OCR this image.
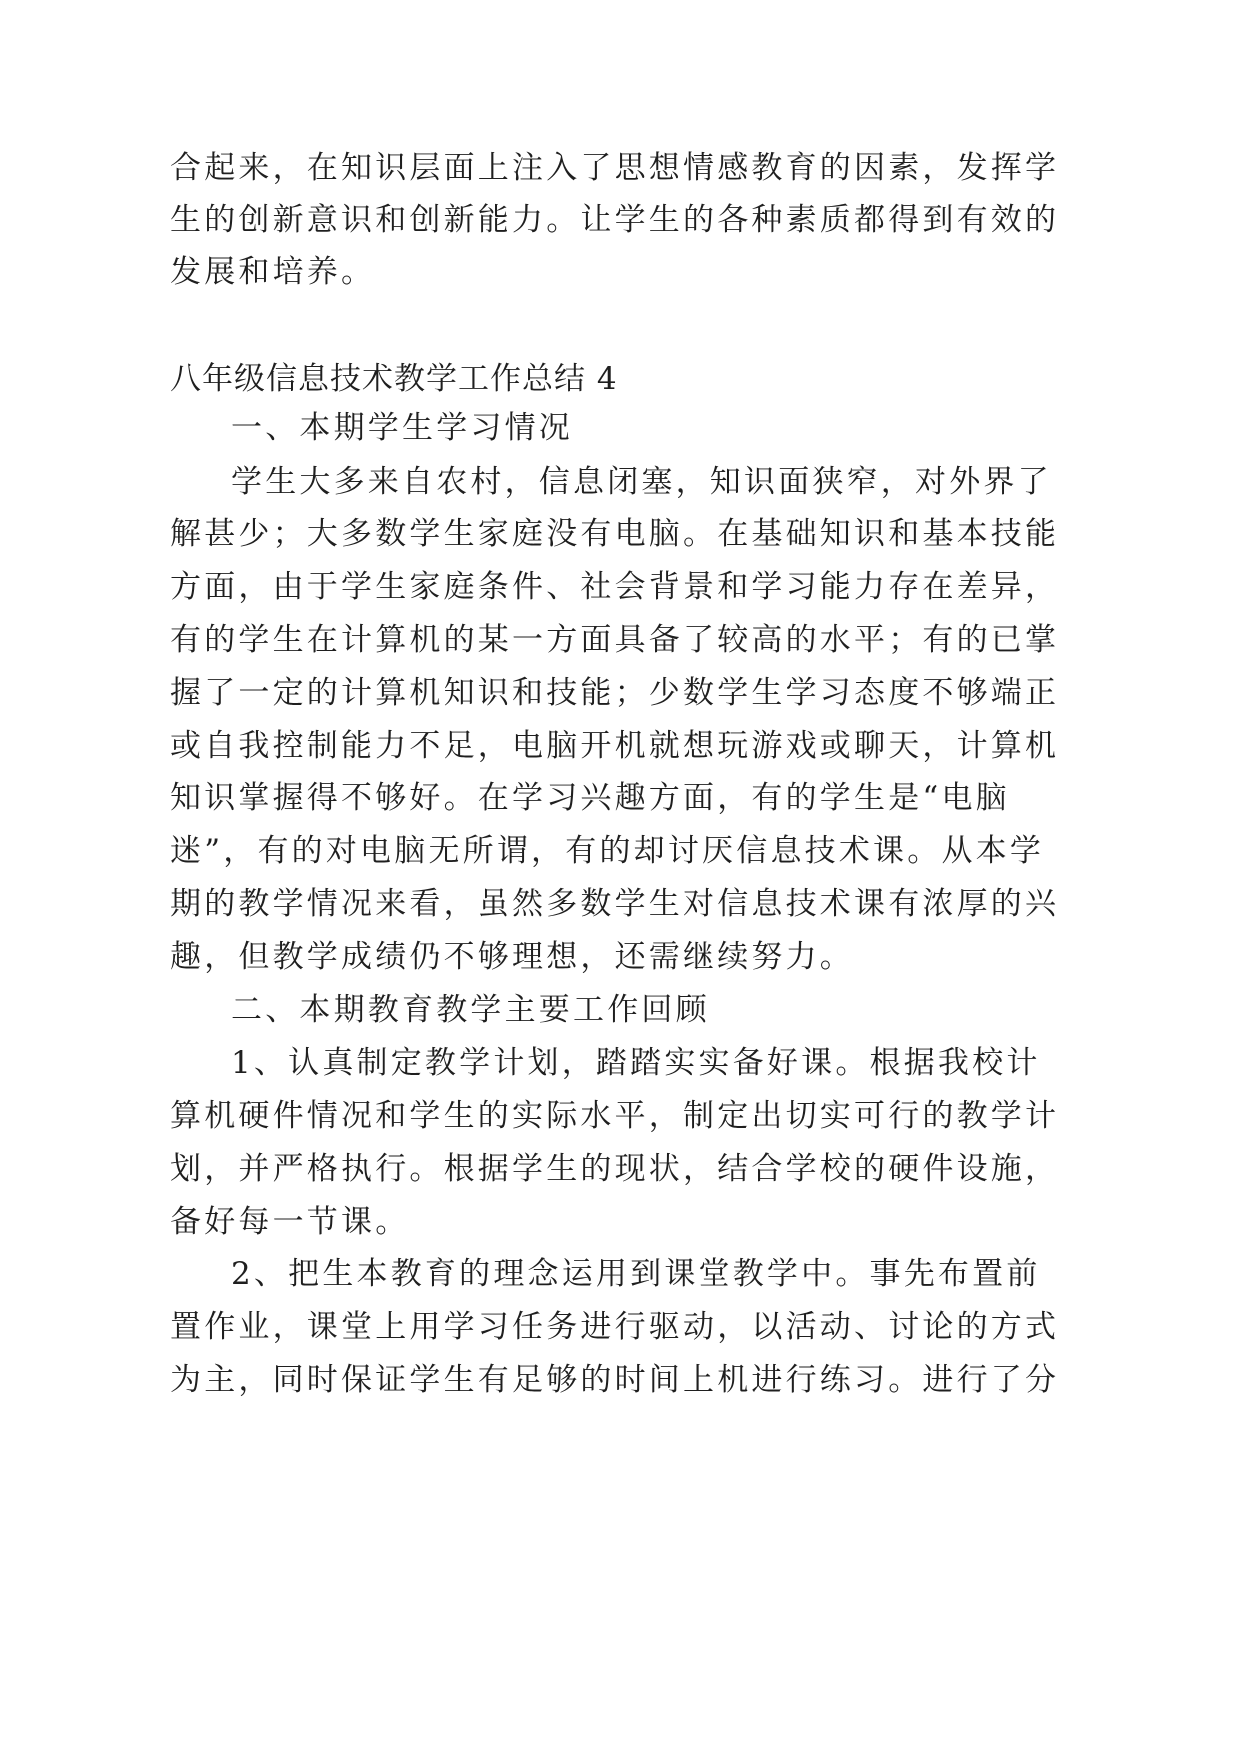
合起来，在知识层面上注入了思想情感教育的因素，发挥学
生的创新意识和创新能力。让学生的各种素质都得到有效的
发展和培养。
八年级信息技术教学工作总结 4
一、本期学生学习情况
学生大多来自农村，信息闭塞，知识面狭窄，对外界了
解甚少；大多数学生家庭没有电脑。在基础知识和基本技能
方面，由于学生家庭条件、社会背景和学习能力存在差异，
有的学生在计算机的某一方面具备了较高的水平；有的已掌
握了一定的计算机知识和技能；少数学生学习态度不够端正
或自我控制能力不足，电脑开机就想玩游戏或聊天，计算机
知识掌握得不够好。在学习兴趣方面，有的学生是“电脑
迷”，有的对电脑无所谓，有的却讨厌信息技术课。从本学
期的教学情况来看，虽然多数学生对信息技术课有浓厚的兴
趣，但教学成绩仍不够理想，还需继续努力。
二、本期教育教学主要工作回顾
1、认真制定教学计划，踏踏实实备好课。根据我校计
算机硬件情况和学生的实际水平，制定出切实可行的教学计
划，并严格执行。根据学生的现状，结合学校的硬件设施，
备好每一节课。
2、把生本教育的理念运用到课堂教学中。事先布置前
置作业，课堂上用学习任务进行驱动，以活动、讨论的方式
为主，同时保证学生有足够的时间上机进行练习。进行了分
